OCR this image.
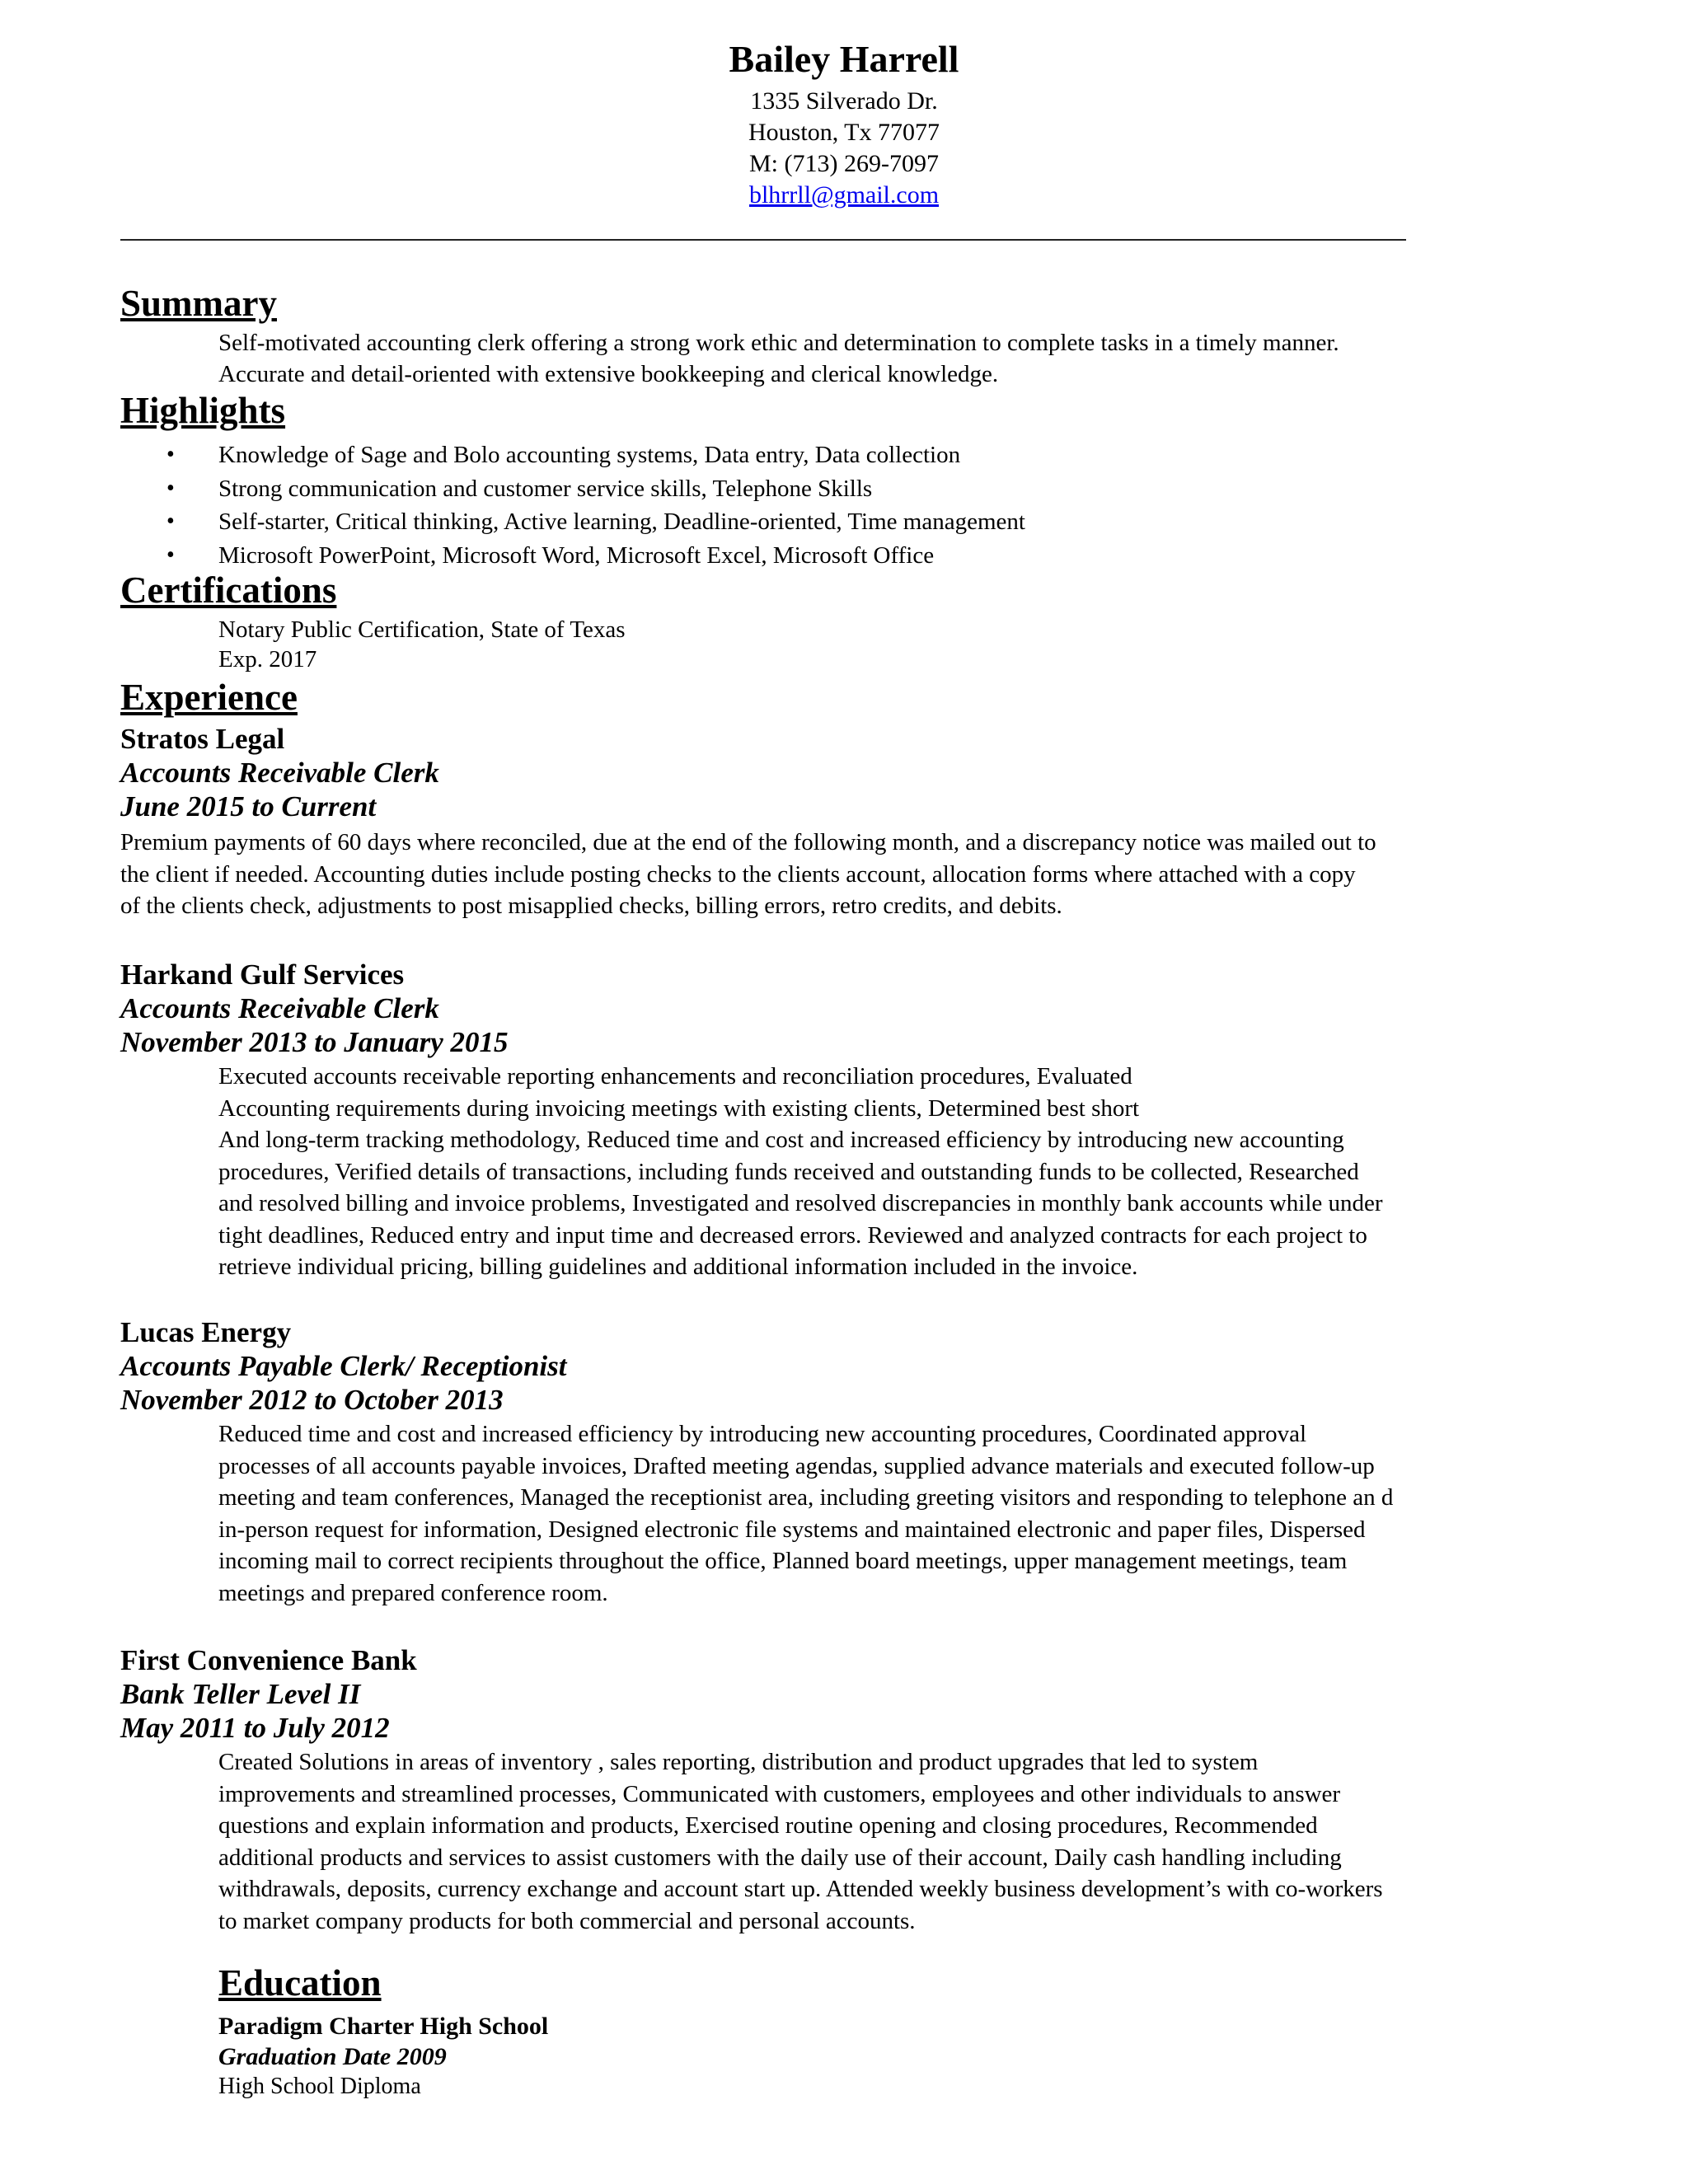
Bailey Harrell
1335 Silverado Dr.
Houston, Tx 77077
M: (713) 269-7097
blhrrll@gmail.com
Summary
Self-motivated accounting clerk offering a strong work ethic and determination to complete tasks in a timely manner.
Accurate and detail-oriented with extensive bookkeeping and clerical knowledge.
Highlights
• Knowledge of Sage and Bolo accounting systems, Data entry, Data collection
• Strong communication and customer service skills, Telephone Skills
• Self-starter, Critical thinking, Active learning, Deadline-oriented, Time management
• Microsoft PowerPoint, Microsoft Word, Microsoft Excel, Microsoft Office
Certifications
Notary Public Certification, State of Texas
Exp. 2017
Experience
Stratos Legal
Accounts Receivable Clerk
June 2015 to Current
Premium payments of 60 days where reconciled, due at the end of the following month, and a discrepancy notice was mailed out to
the client if needed. Accounting duties include posting checks to the clients account, allocation forms where attached with a copy
of the clients check, adjustments to post misapplied checks, billing errors, retro credits, and debits.
Harkand Gulf Services
Accounts Receivable Clerk
November 2013 to January 2015
Executed accounts receivable reporting enhancements and reconciliation procedures, Evaluated
Accounting requirements during invoicing meetings with existing clients, Determined best short
And long-term tracking methodology, Reduced time and cost and increased efficiency by introducing new accounting
procedures, Verified details of transactions, including funds received and outstanding funds to be collected, Researched
and resolved billing and invoice problems, Investigated and resolved discrepancies in monthly bank accounts while under
tight deadlines, Reduced entry and input time and decreased errors. Reviewed and analyzed contracts for each project to
retrieve individual pricing, billing guidelines and additional information included in the invoice.
Lucas Energy
Accounts Payable Clerk/ Receptionist
November 2012 to October 2013
Reduced time and cost and increased efficiency by introducing new accounting procedures, Coordinated approval
processes of all accounts payable invoices, Drafted meeting agendas, supplied advance materials and executed follow-up
meeting and team conferences, Managed the receptionist area, including greeting visitors and responding to telephone an d
in-person request for information, Designed electronic file systems and maintained electronic and paper files, Dispersed
incoming mail to correct recipients throughout the office, Planned board meetings, upper management meetings, team
meetings and prepared conference room.
First Convenience Bank
Bank Teller Level II
May 2011 to July 2012
Created Solutions in areas of inventory , sales reporting, distribution and product upgrades that led to system
improvements and streamlined processes, Communicated with customers, employees and other individuals to answer
questions and explain information and products, Exercised routine opening and closing procedures, Recommended
additional products and services to assist customers with the daily use of their account, Daily cash handling including
withdrawals, deposits, currency exchange and account start up. Attended weekly business development’s with co-workers
to market company products for both commercial and personal accounts.
Education
Paradigm Charter High School
Graduation Date 2009
High School Diploma
